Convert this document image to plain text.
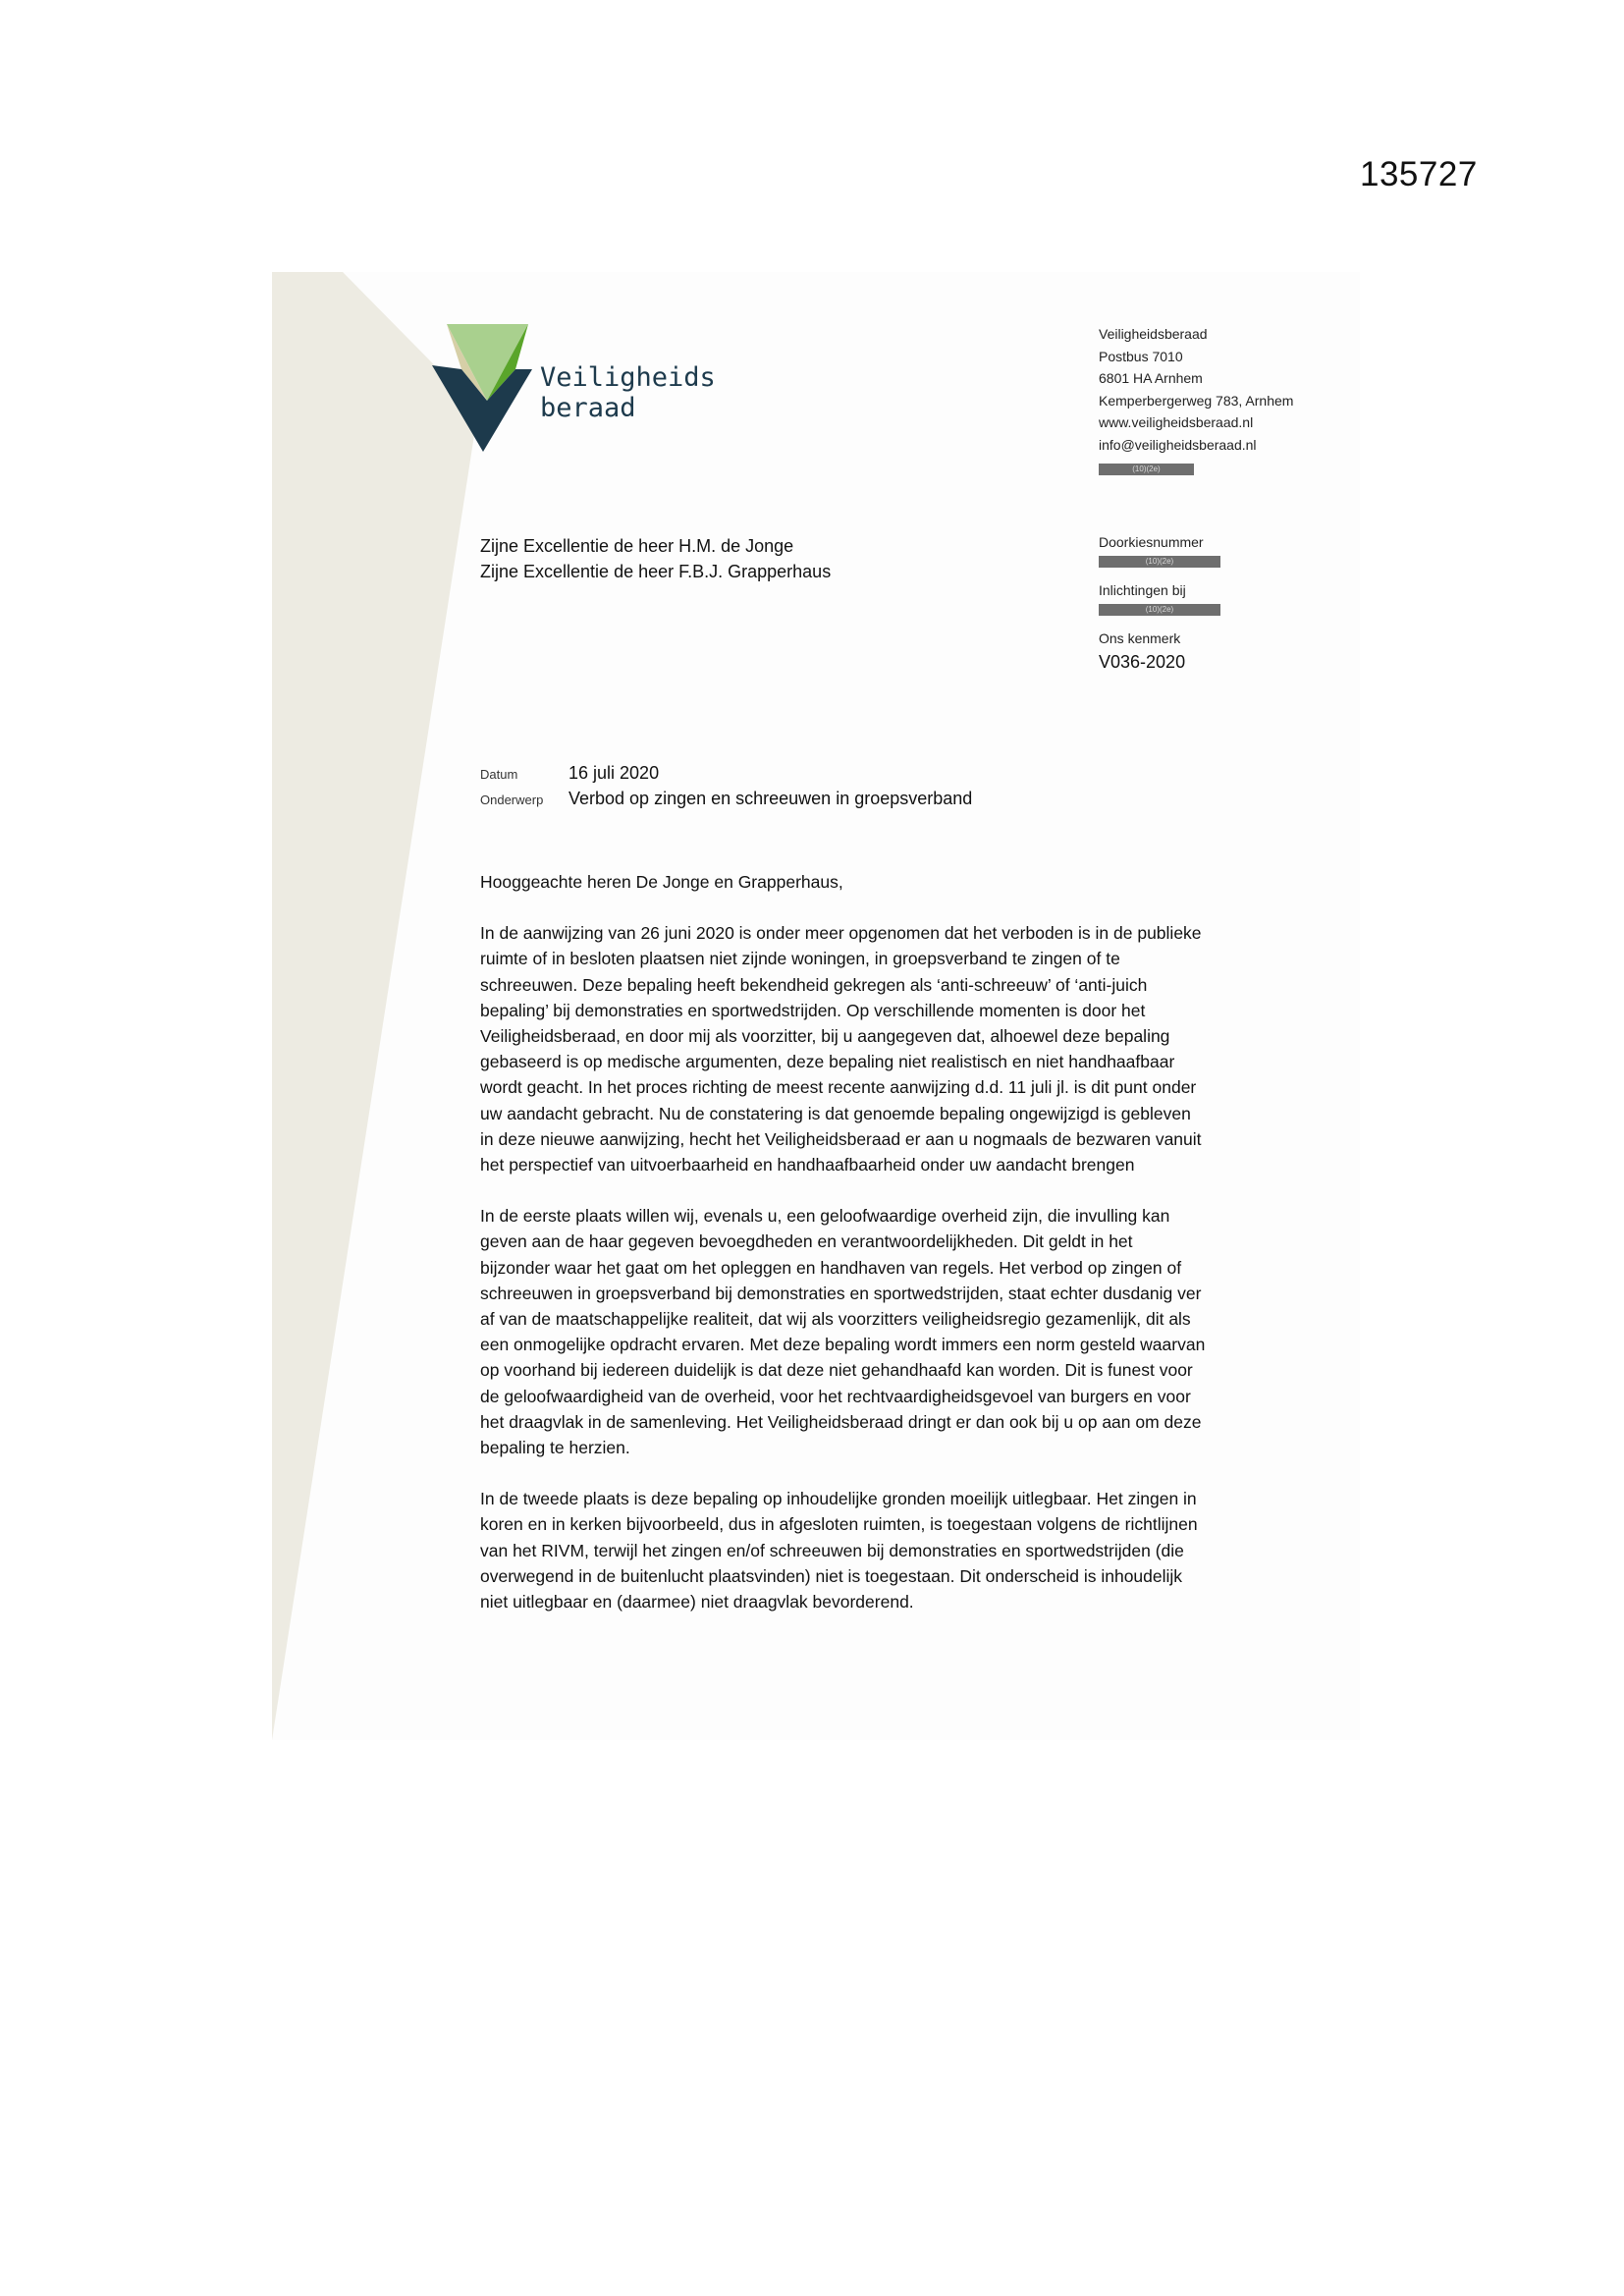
135727
Veiligheids
beraad
Veiligheidsberaad
Postbus 7010
6801 HA Arnhem
Kemperbergerweg 783, Arnhem
www.veiligheidsberaad.nl
info@veiligheidsberaad.nl
(10)(2e)
Zijne Excellentie de heer H.M. de Jonge
Zijne Excellentie de heer F.B.J. Grapperhaus
Doorkiesnummer
(10)(2e)
Inlichtingen bij
(10)(2e)
Ons kenmerk
V036-2020
Datum	16 juli 2020
Onderwerp	Verbod op zingen en schreeuwen in groepsverband
Hooggeachte heren De Jonge en Grapperhaus,

In de aanwijzing van 26 juni 2020 is onder meer opgenomen dat het verboden is in de publieke ruimte of in besloten plaatsen niet zijnde woningen, in groepsverband te zingen of te schreeuwen. Deze bepaling heeft bekendheid gekregen als ‘anti-schreeuw’ of ‘anti-juich bepaling’ bij demonstraties en sportwedstrijden. Op verschillende momenten is door het Veiligheidsberaad, en door mij als voorzitter, bij u aangegeven dat, alhoewel deze bepaling gebaseerd is op medische argumenten, deze bepaling niet realistisch en niet handhaafbaar wordt geacht. In het proces richting de meest recente aanwijzing d.d. 11 juli jl. is dit punt onder uw aandacht gebracht. Nu de constatering is dat genoemde bepaling ongewijzigd is gebleven in deze nieuwe aanwijzing, hecht het Veiligheidsberaad er aan u nogmaals de bezwaren vanuit het perspectief van uitvoerbaarheid en handhaafbaarheid onder uw aandacht brengen

In de eerste plaats willen wij, evenals u, een geloofwaardige overheid zijn, die invulling kan geven aan de haar gegeven bevoegdheden en verantwoordelijkheden. Dit geldt in het bijzonder waar het gaat om het opleggen en handhaven van regels. Het verbod op zingen of schreeuwen in groepsverband bij demonstraties en sportwedstrijden, staat echter dusdanig ver af van de maatschappelijke realiteit, dat wij als voorzitters veiligheidsregio gezamenlijk, dit als een onmogelijke opdracht ervaren. Met deze bepaling wordt immers een norm gesteld waarvan op voorhand bij iedereen duidelijk is dat deze niet gehandhaafd kan worden. Dit is funest voor de geloofwaardigheid van de overheid, voor het rechtvaardigheidsgevoel van burgers en voor het draagvlak in de samenleving. Het Veiligheidsberaad dringt er dan ook bij u op aan om deze bepaling te herzien.

In de tweede plaats is deze bepaling op inhoudelijke gronden moeilijk uitlegbaar. Het zingen in koren en in kerken bijvoorbeeld, dus in afgesloten ruimten, is toegestaan volgens de richtlijnen van het RIVM, terwijl het zingen en/of schreeuwen bij demonstraties en sportwedstrijden (die overwegend in de buitenlucht plaatsvinden) niet is toegestaan. Dit onderscheid is inhoudelijk niet uitlegbaar en (daarmee) niet draagvlak bevorderend.
